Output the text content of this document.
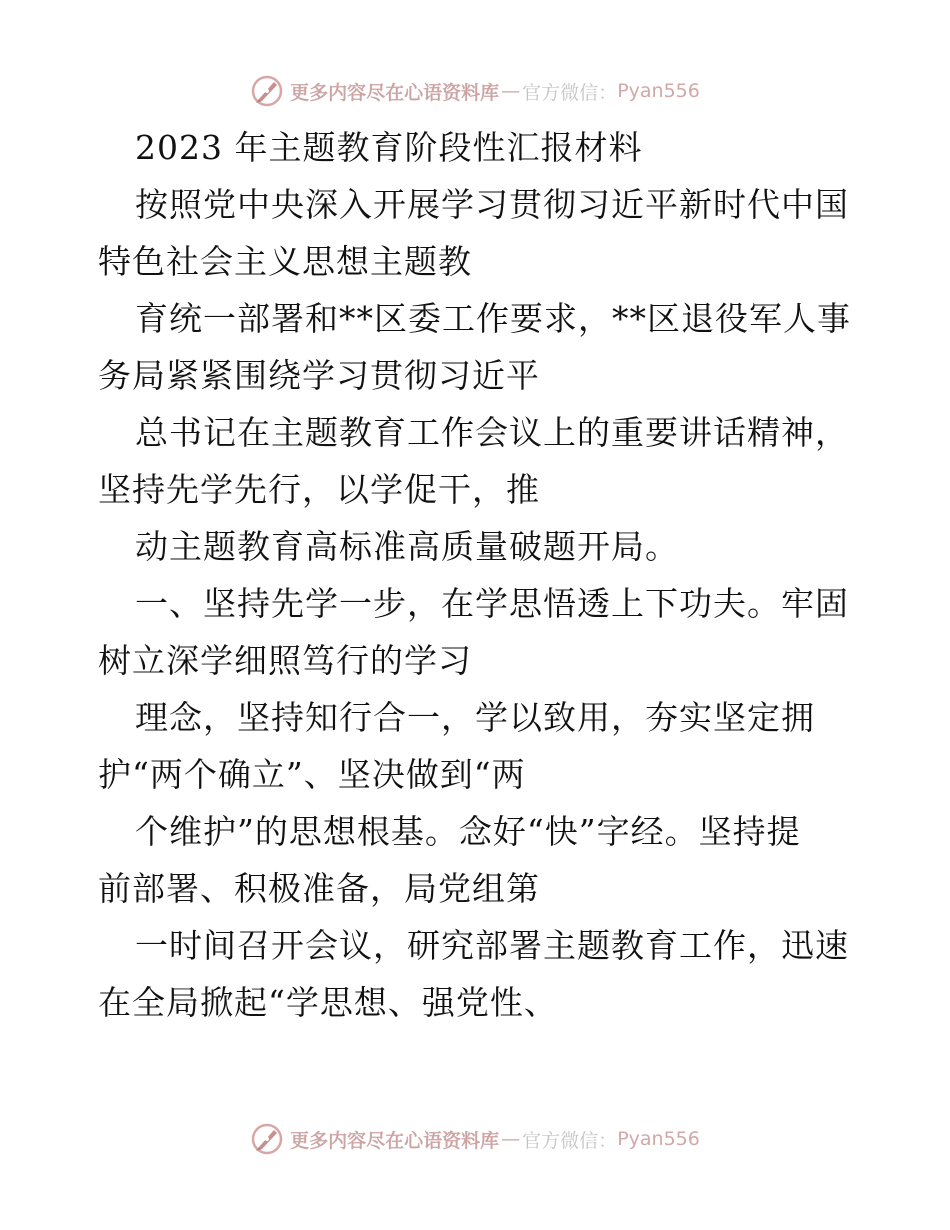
更多内容尽在心语资料库 — 官方微信： Pyan556
2023 年主题教育阶段性汇报材料
按照党中央深入开展学习贯彻习近平新时代中国
特色社会主义思想主题教
育统一部署和**区委工作要求，**区退役军人事
务局紧紧围绕学习贯彻习近平
总书记在主题教育工作会议上的重要讲话精神，
坚持先学先行，以学促干，推
动主题教育高标准高质量破题开局。
一、坚持先学一步，在学思悟透上下功夫。牢固
树立深学细照笃行的学习
理念，坚持知行合一，学以致用，夯实坚定拥
护“两个确立”、坚决做到“两
个维护”的思想根基。念好“快”字经。坚持提
前部署、积极准备，局党组第
一时间召开会议，研究部署主题教育工作，迅速
在全局掀起“学思想、强党性、
更多内容尽在心语资料库 — 官方微信： Pyan556
